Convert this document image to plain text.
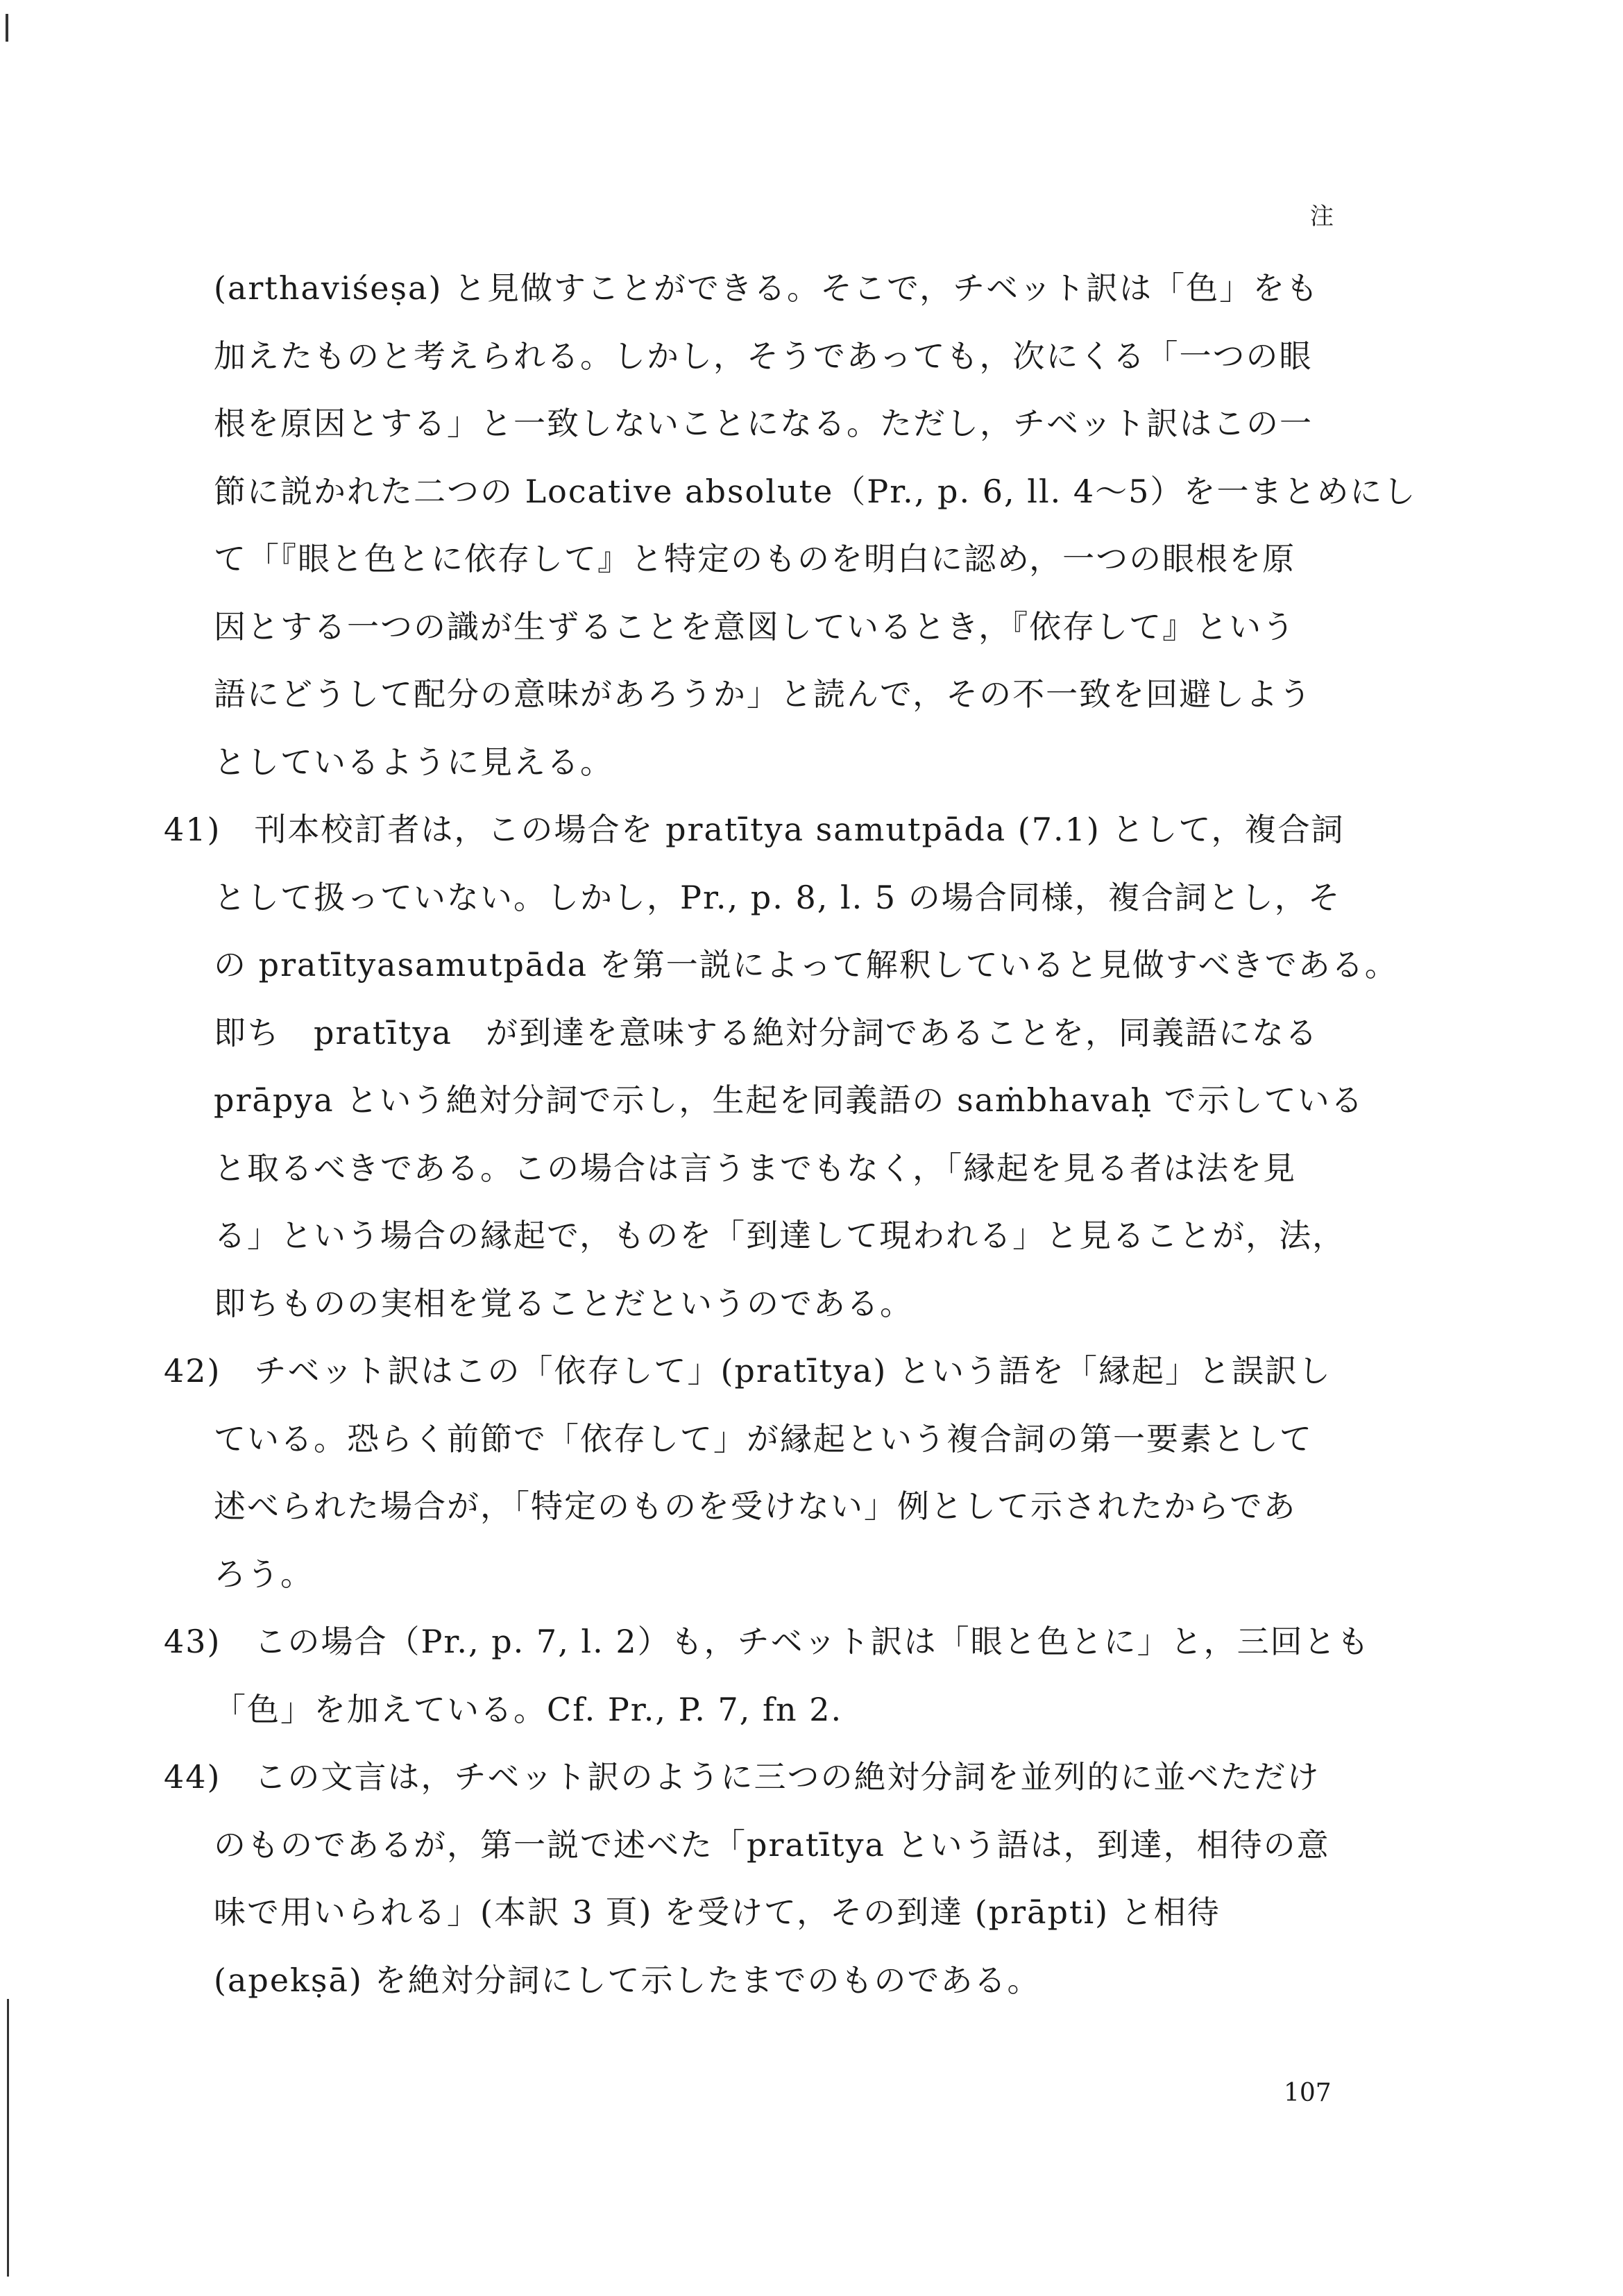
注
(arthaviśeṣa) と見做すことができる。そこで，チベット訳は「色」をも
加えたものと考えられる。しかし，そうであっても，次にくる「一つの眼
根を原因とする」と一致しないことになる。ただし，チベット訳はこの一
節に説かれた二つの Locative absolute（Pr., p. 6, ll. 4〜5）を一まとめにし
て「『眼と色とに依存して』と特定のものを明白に認め，一つの眼根を原
因とする一つの識が生ずることを意図しているとき，『依存して』という
語にどうして配分の意味があろうか」と読んで，その不一致を回避しよう
としているように見える。
41)　刊本校訂者は，この場合を pratītya samutpāda (7.1) として，複合詞
として扱っていない。しかし，Pr., p. 8, l. 5 の場合同様，複合詞とし，そ
の pratītyasamutpāda を第一説によって解釈していると見做すべきである。
即ち　pratītya　が到達を意味する絶対分詞であることを，同義語になる
prāpya という絶対分詞で示し，生起を同義語の saṁbhavaḥ で示している
と取るべきである。この場合は言うまでもなく，「縁起を見る者は法を見
る」という場合の縁起で，ものを「到達して現われる」と見ることが，法，
即ちものの実相を覚ることだというのである。
42)　チベット訳はこの「依存して」(pratītya) という語を「縁起」と誤訳し
ている。恐らく前節で「依存して」が縁起という複合詞の第一要素として
述べられた場合が，「特定のものを受けない」例として示されたからであ
ろう。
43)　この場合（Pr., p. 7, l. 2）も，チベット訳は「眼と色とに」と，三回とも
「色」を加えている。Cf. Pr., P. 7, fn 2.
44)　この文言は，チベット訳のように三つの絶対分詞を並列的に並べただけ
のものであるが，第一説で述べた「pratītya という語は，到達，相待の意
味で用いられる」(本訳 3 頁) を受けて，その到達 (prāpti) と相待
(apekṣā) を絶対分詞にして示したまでのものである。
107
